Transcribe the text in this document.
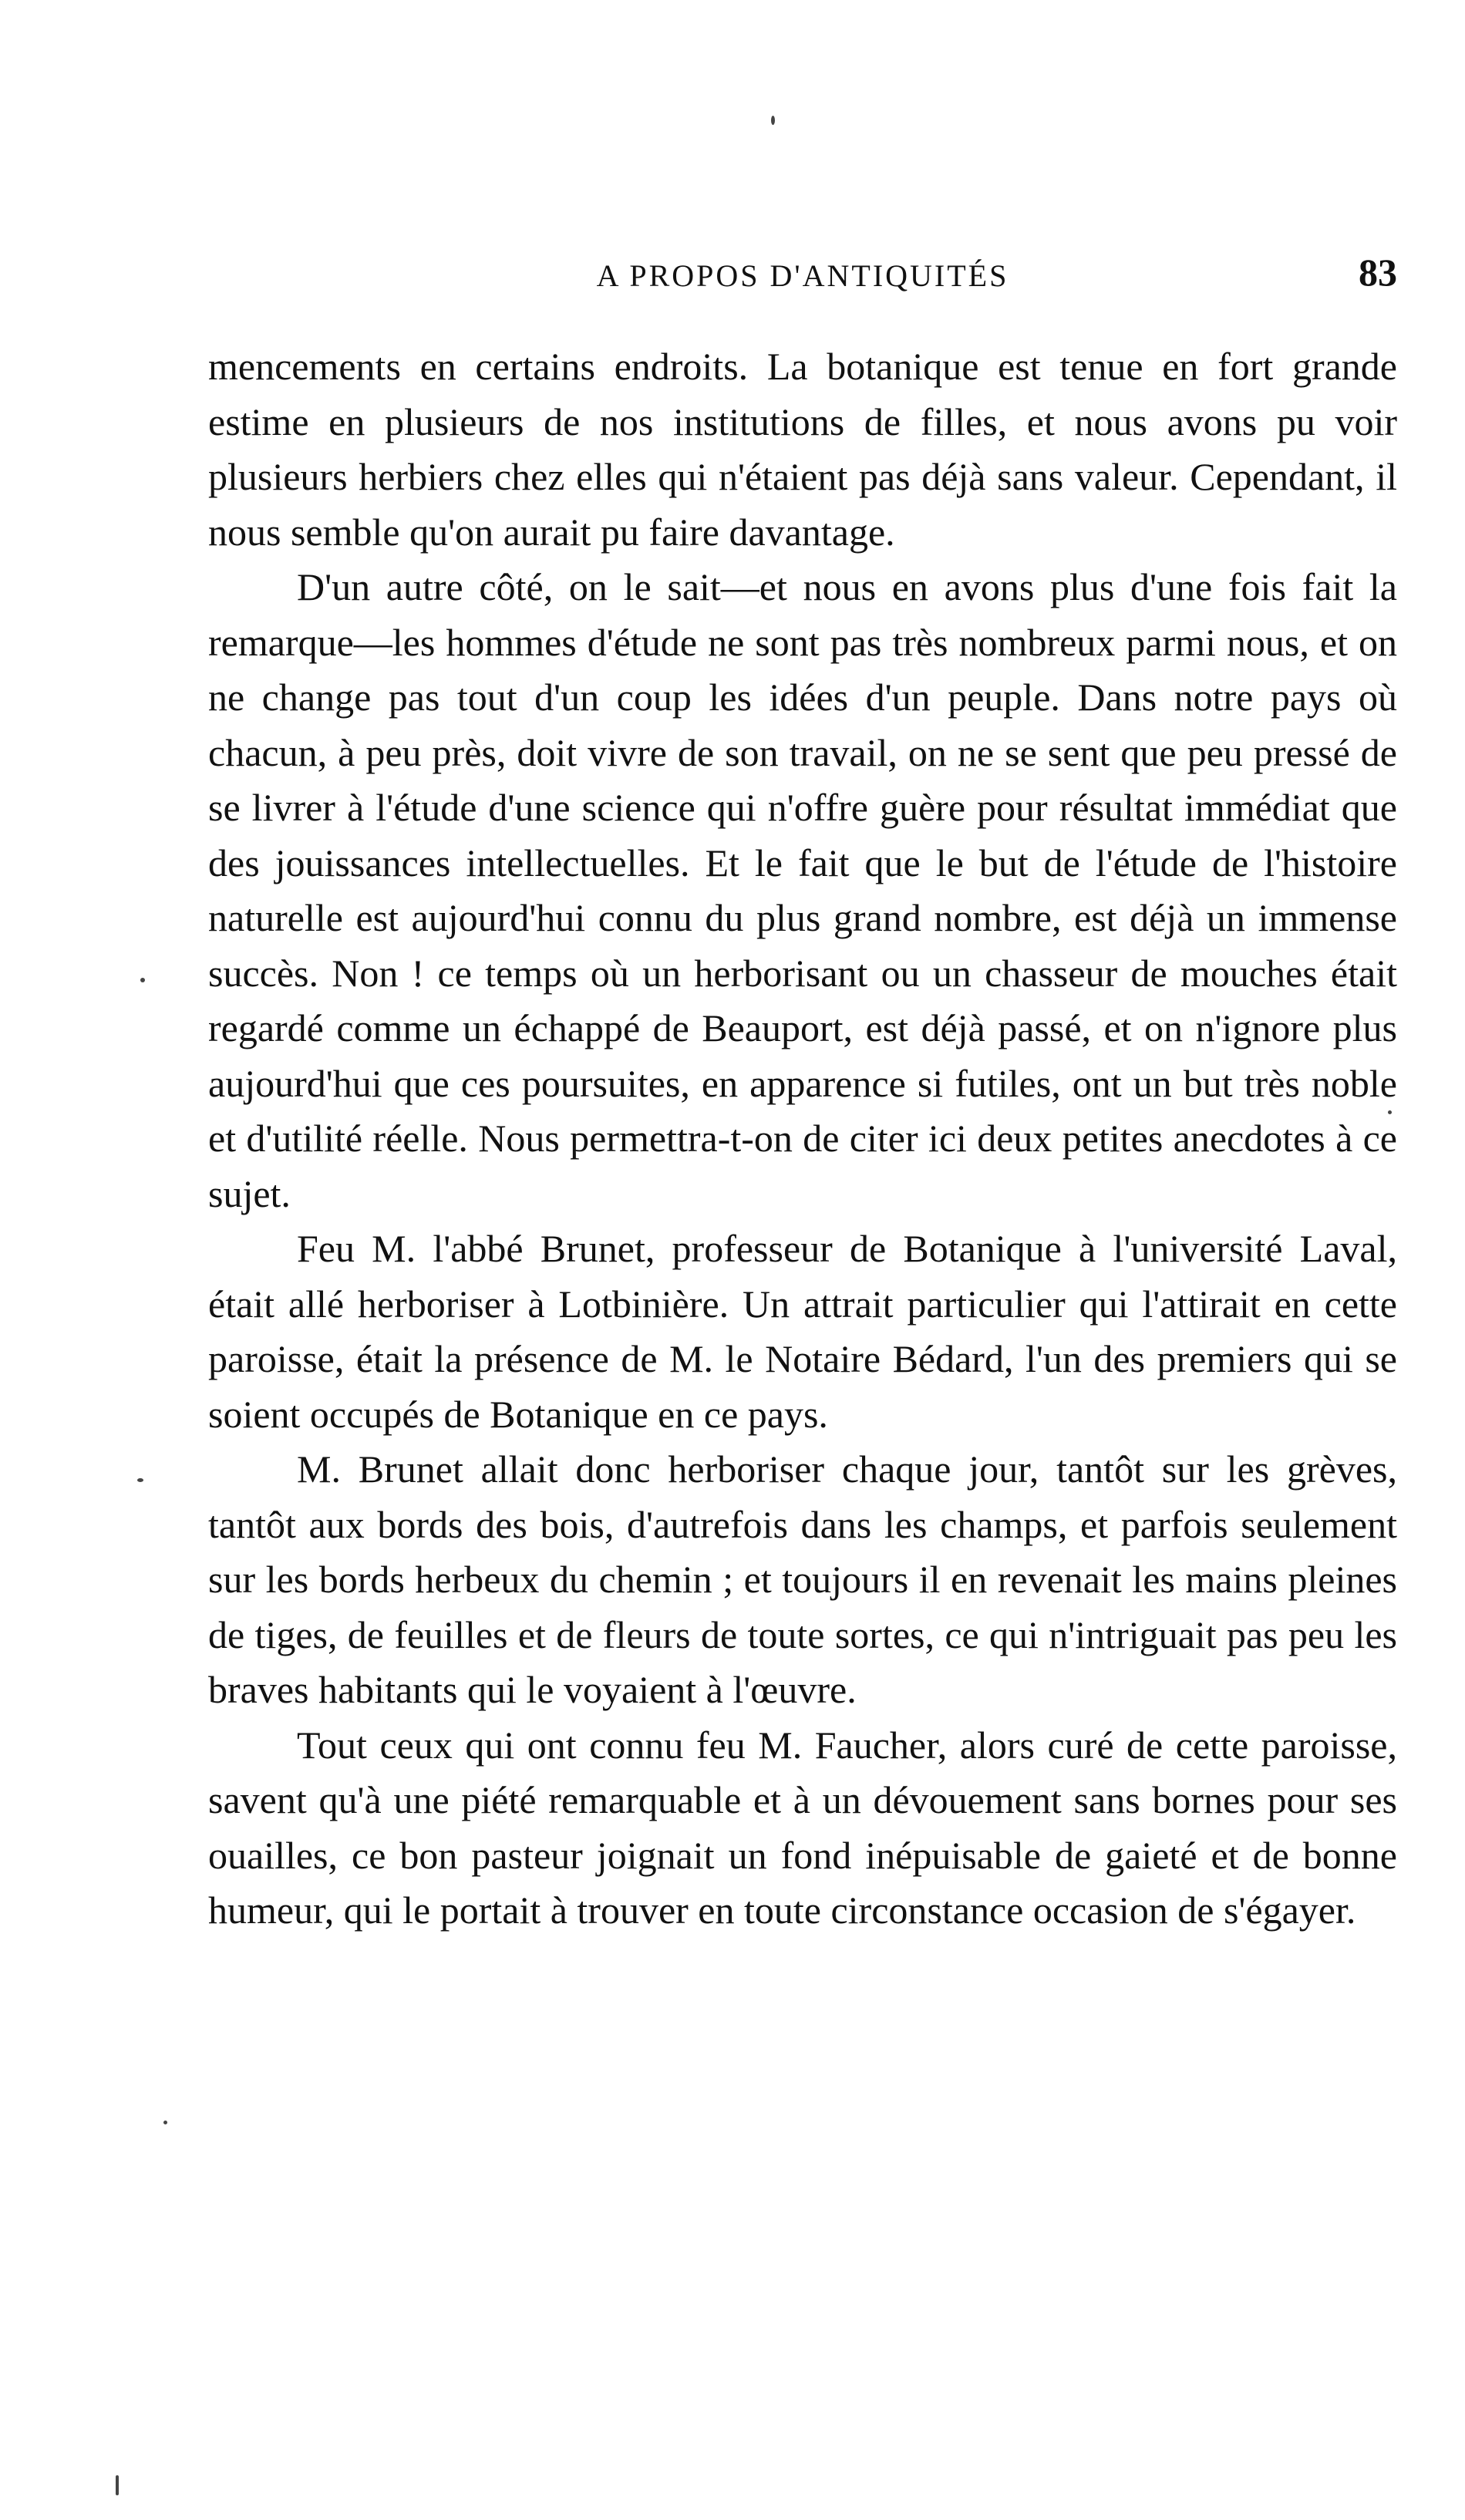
A PROPOS D'ANTIQUITÉS	83

mencements en certains endroits. La botanique est tenue en fort grande estime en plusieurs de nos institutions de filles, et nous avons pu voir plusieurs herbiers chez elles qui n'étaient pas déjà sans valeur. Cependant, il nous semble qu'on aurait pu faire davantage.

D'un autre côté, on le sait—et nous en avons plus d'une fois fait la remarque—les hommes d'étude ne sont pas très nombreux parmi nous, et on ne change pas tout d'un coup les idées d'un peuple. Dans notre pays où chacun, à peu près, doit vivre de son travail, on ne se sent que peu pressé de se livrer à l'étude d'une science qui n'offre guère pour résultat immédiat que des jouissances intellectuelles. Et le fait que le but de l'étude de l'histoire naturelle est aujourd'hui connu du plus grand nombre, est déjà un immense succès. Non ! ce temps où un herborisant ou un chasseur de mouches était regardé comme un échappé de Beauport, est déjà passé, et on n'ignore plus aujourd'hui que ces poursuites, en apparence si futiles, ont un but très noble et d'utilité réelle. Nous permettra-t-on de citer ici deux petites anecdotes à ce sujet.

Feu M. l'abbé Brunet, professeur de Botanique à l'université Laval, était allé herboriser à Lotbinière. Un attrait particulier qui l'attirait en cette paroisse, était la présence de M. le Notaire Bédard, l'un des premiers qui se soient occupés de Botanique en ce pays.

M. Brunet allait donc herboriser chaque jour, tantôt sur les grèves, tantôt aux bords des bois, d'autrefois dans les champs, et parfois seulement sur les bords herbeux du chemin ; et toujours il en revenait les mains pleines de tiges, de feuilles et de fleurs de toute sortes, ce qui n'intriguait pas peu les braves habitants qui le voyaient à l'œuvre.

Tout ceux qui ont connu feu M. Faucher, alors curé de cette paroisse, savent qu'à une piété remarquable et à un dévouement sans bornes pour ses ouailles, ce bon pasteur joignait un fond inépuisable de gaieté et de bonne humeur, qui le portait à trouver en toute circonstance occasion de s'égayer.
